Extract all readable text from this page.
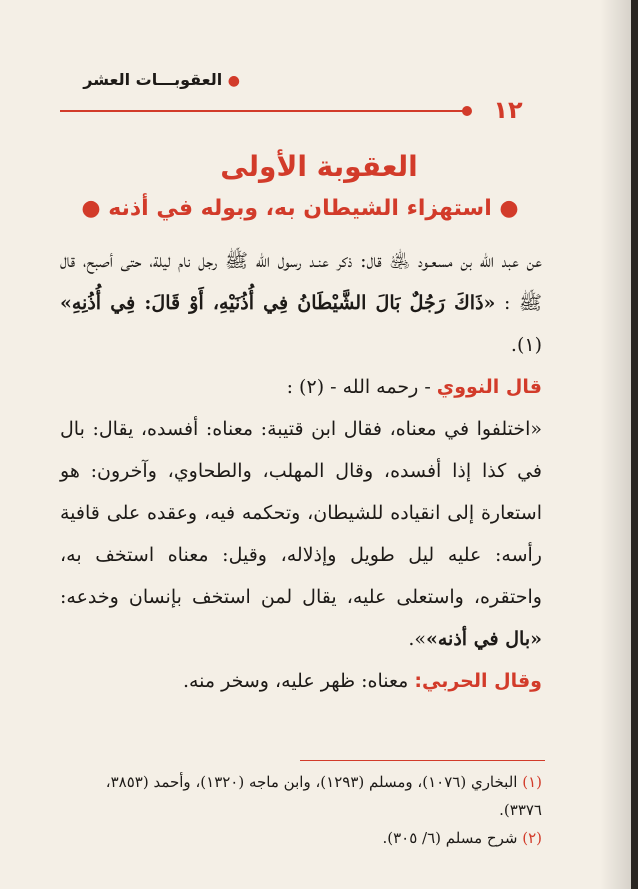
● العقوبـــات العشر
١٢
العقوبة الأولى
● استهزاء الشيطان به، وبوله في أذنه ●

عن عبد الله بن مسعـود ﵁ قال: ذكر عنـد رسول الله ﷺ رجل نام ليلة، حتى أصبح، قال ﷺ : «ذَاكَ رَجُلٌ بَالَ الشَّيْطَانُ فِي أُذُنَيْهِ، أَوْ قَالَ: فِي أُذُنِهِ» (١).

قال النووي - رحمه الله - (٢) :

«اختلفوا في معناه، فقال ابن قتيبة: معناه: أفسده، يقال: بال في كذا إذا أفسده، وقال المهلب، والطحاوي، وآخرون: هو استعارة إلى انقياده للشيطان، وتحكمه فيه، وعقده على قافية رأسه: عليه ليل طويل وإذلاله، وقيل: معناه استخف به، واحتقره، واستعلى عليه، يقال لمن استخف بإنسان وخدعه: «بال في أذنه»».

وقال الحربي: معناه: ظهر عليه، وسخر منه.

(١) البخاري (١٠٧٦)، ومسلم (١٢٩٣)، وابن ماجه (١٣٢٠)، وأحمد (٣٨٥٣، ٣٣٧٦).

(٢) شرح مسلم (٦/ ٣٠٥).
